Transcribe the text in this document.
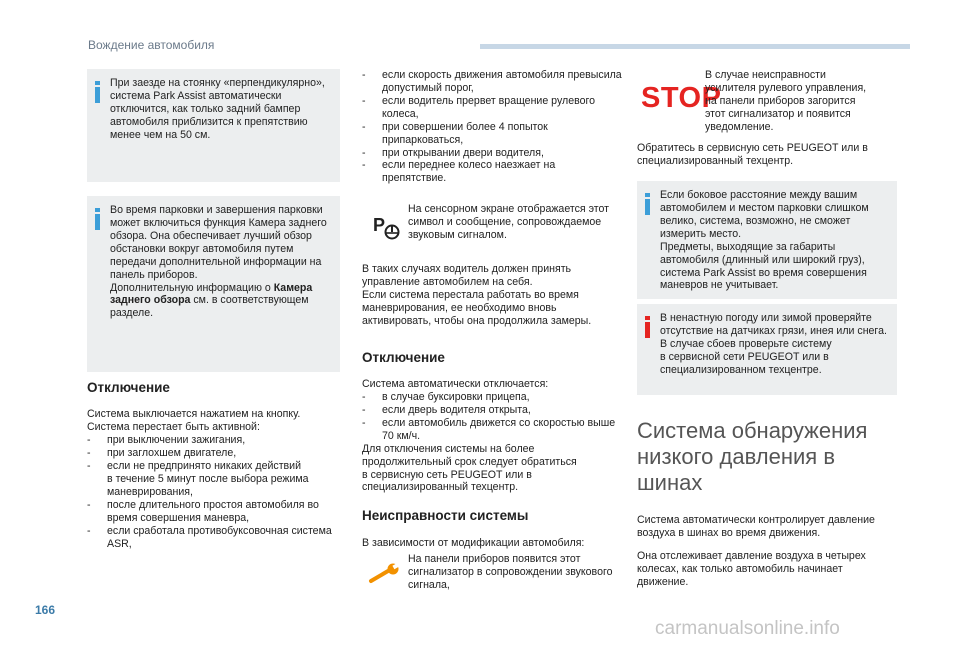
Вождение автомобиля
При заезде на стоянку «перпендикулярно»,
система Park Assist автоматически
отключится, как только задний бампер
автомобиля приблизится к препятствию
менее чем на 50 см.
Во время парковки и завершения парковки
может включиться функция Камера заднего
обзора. Она обеспечивает лучший обзор
обстановки вокруг автомобиля путем
передачи дополнительной информации на
панель приборов.
Дополнительную информацию о Камера
заднего обзора см. в соответствующем
разделе.
Отключение
Система выключается нажатием на кнопку.
Система перестает быть активной:
- при выключении зажигания,
- при заглохшем двигателе,
- если не предпринято никаких действий
в течение 5 минут после выбора режима
маневрирования,
- после длительного простоя автомобиля во
время совершения маневра,
- если сработала противобуксовочная система
ASR,
- если скорость движения автомобиля превысила
допустимый порог,
- если водитель прервет вращение рулевого
колеса,
- при совершении более 4 попыток
припарковаться,
- при открывании двери водителя,
- если переднее колесо наезжает на
препятствие.
P
На сенсорном экране отображается этот
символ и сообщение, сопровождаемое
звуковым сигналом.
В таких случаях водитель должен принять
управление автомобилем на себя.
Если система перестала работать во время
маневрирования, ее необходимо вновь
активировать, чтобы она продолжила замеры.
Отключение
Система автоматически отключается:
- в случае буксировки прицепа,
- если дверь водителя открыта,
- если автомобиль движется со скоростью выше
70 км/ч.
Для отключения системы на более
продолжительный срок следует обратиться
в сервисную сеть PEUGEOT или в
специализированный техцентр.
Неисправности системы
В зависимости от модификации автомобиля:
На панели приборов появится этот
сигнализатор в сопровождении звукового
сигнала,
STOP
В случае неисправности
усилителя рулевого управления,
на панели приборов загорится
этот сигнализатор и появится
уведомление.
Обратитесь в сервисную сеть PEUGEOT или в
специализированный техцентр.
Если боковое расстояние между вашим
автомобилем и местом парковки слишком
велико, система, возможно, не сможет
измерить место.
Предметы, выходящие за габариты
автомобиля (длинный или широкий груз),
система Park Assist во время совершения
маневров не учитывает.
В ненастную погоду или зимой проверяйте
отсутствие на датчиках грязи, инея или снега.
В случае сбоев проверьте систему
в сервисной сети PEUGEOT или в
специализированном техцентре.
Система обнаружения
низкого давления в шинах
Система автоматически контролирует давление
воздуха в шинах во время движения.
Она отслеживает давление воздуха в четырех
колесах, как только автомобиль начинает
движение.
166
carmanualsonline.info
